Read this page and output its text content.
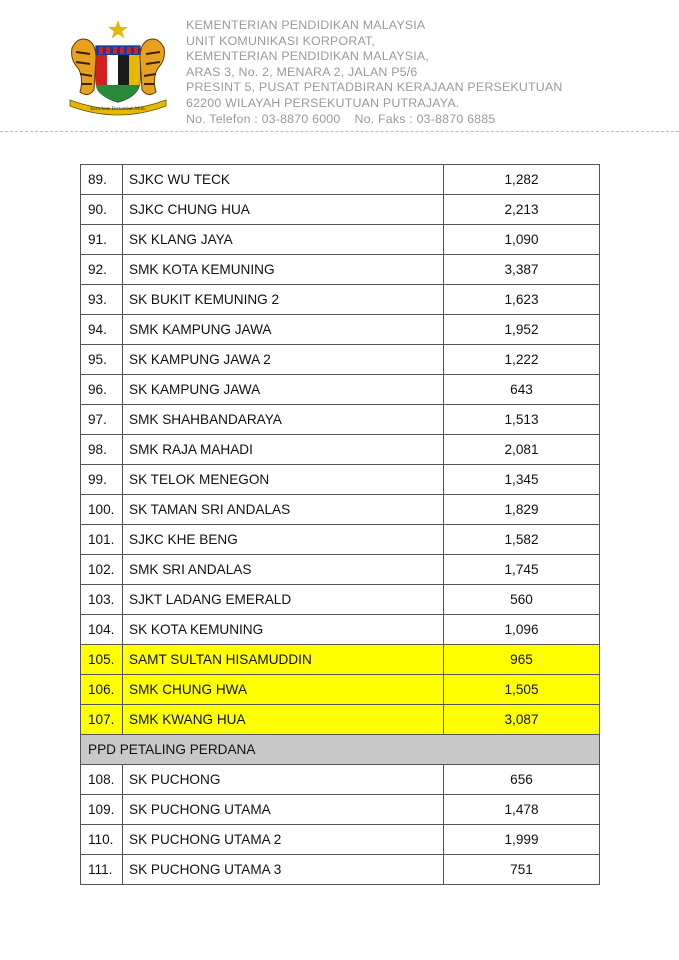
Bersekutu Bertambah Mutu
KEMENTERIAN PENDIDIKAN MALAYSIA
UNIT KOMUNIKASI KORPORAT,
KEMENTERIAN PENDIDIKAN MALAYSIA,
ARAS 3, No. 2, MENARA 2, JALAN P5/6
PRESINT 5, PUSAT PENTADBIRAN KERAJAAN PERSEKUTUAN
62200 WILAYAH PERSEKUTUAN PUTRAJAYA.
No. Telefon : 03-8870 6000 No. Faks : 03-8870 6885
89.	SJKC WU TECK	1,282
90.	SJKC CHUNG HUA	2,213
91.	SK KLANG JAYA	1,090
92.	SMK KOTA KEMUNING	3,387
93.	SK BUKIT KEMUNING 2	1,623
94.	SMK KAMPUNG JAWA	1,952
95.	SK KAMPUNG JAWA 2	1,222
96.	SK KAMPUNG JAWA	643
97.	SMK SHAHBANDARAYA	1,513
98.	SMK RAJA MAHADI	2,081
99.	SK TELOK MENEGON	1,345
100.	SK TAMAN SRI ANDALAS	1,829
101.	SJKC KHE BENG	1,582
102.	SMK SRI ANDALAS	1,745
103.	SJKT LADANG EMERALD	560
104.	SK KOTA KEMUNING	1,096
105.	SAMT SULTAN HISAMUDDIN	965
106.	SMK CHUNG HWA	1,505
107.	SMK KWANG HUA	3,087
PPD PETALING PERDANA		
108.	SK PUCHONG	656
109.	SK PUCHONG UTAMA	1,478
110.	SK PUCHONG UTAMA 2	1,999
111.	SK PUCHONG UTAMA 3	751
